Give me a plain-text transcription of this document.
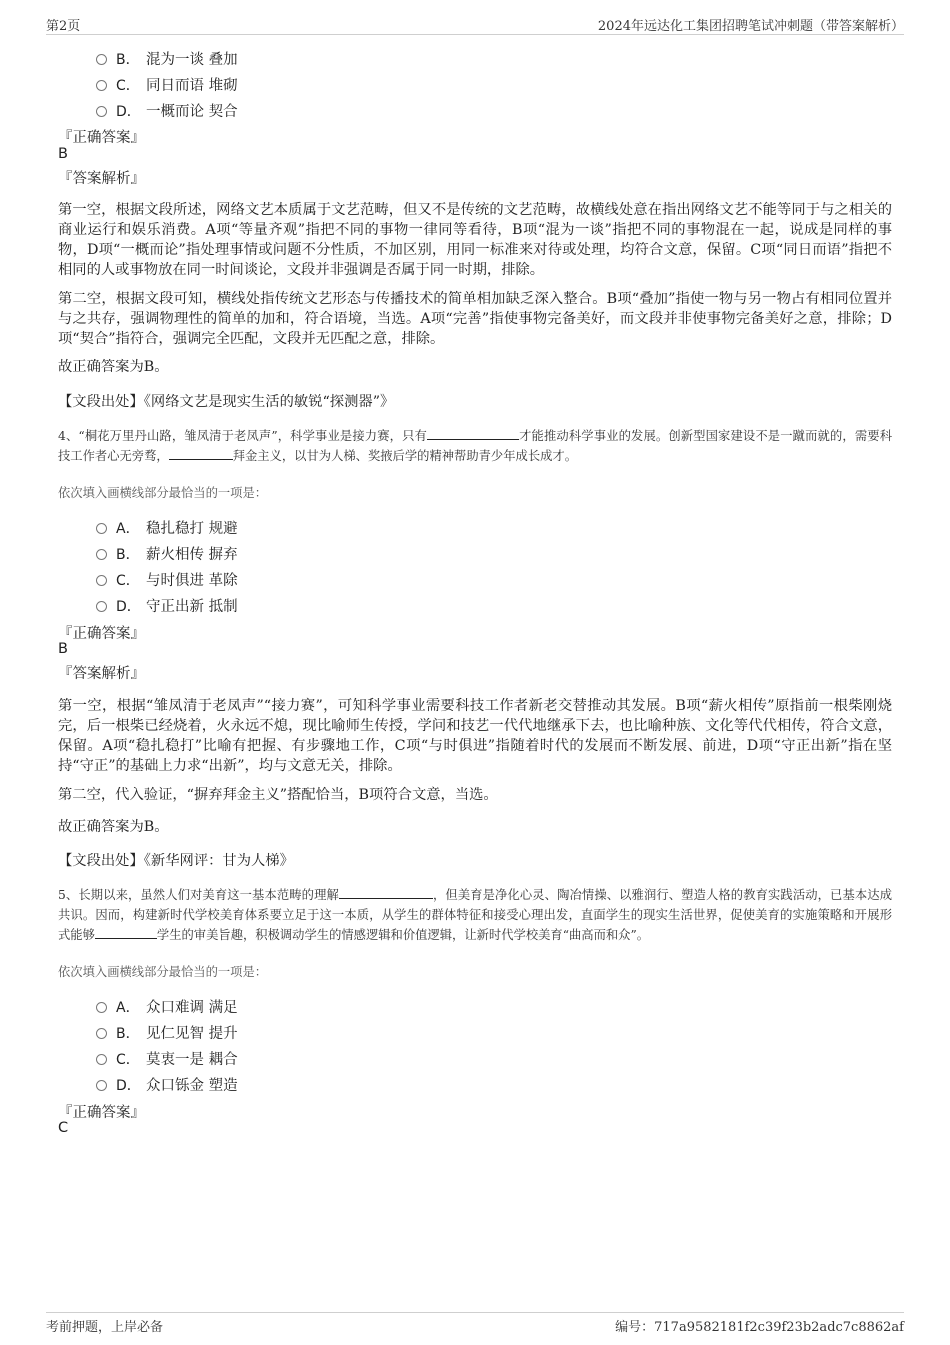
第2页	2024年远达化工集团招聘笔试冲刺题（带答案解析）
B． 混为一谈 叠加
C． 同日而语 堆砌
D． 一概而论 契合
『正确答案』
B
『答案解析』
第一空，根据文段所述，网络文艺本质属于文艺范畴，但又不是传统的文艺范畴，故横线处意在指出网络文艺不能等同于与之相关的商业运行和娱乐消费。A项“等量齐观”指把不同的事物一律同等看待，B项“混为一谈”指把不同的事物混在一起，说成是同样的事物，D项“一概而论”指处理事情或问题不分性质，不加区别，用同一标准来对待或处理，均符合文意，保留。C项“同日而语”指把不相同的人或事物放在同一时间谈论，文段并非强调是否属于同一时期，排除。
第二空，根据文段可知，横线处指传统文艺形态与传播技术的简单相加缺乏深入整合。B项“叠加”指使一物与另一物占有相同位置并与之共存，强调物理性的简单的加和，符合语境，当选。A项“完善”指使事物完备美好，而文段并非使事物完备美好之意，排除；D项“契合”指符合，强调完全匹配，文段并无匹配之意，排除。
故正确答案为B。
【文段出处】《网络文艺是现实生活的敏锐“探测器”》
4、“桐花万里丹山路，雏凤清于老凤声”，科学事业是接力赛，只有	才能推动科学事业的发展。创新型国家建设不是一蹴而就的，需要科技工作者心无旁骛，	拜金主义，以甘为人梯、奖掖后学的精神帮助青少年成长成才。
依次填入画横线部分最恰当的一项是：
A． 稳扎稳打 规避
B． 薪火相传 摒弃
C． 与时俱进 革除
D． 守正出新 抵制
『正确答案』
B
『答案解析』
第一空，根据“雏凤清于老凤声”“接力赛”，可知科学事业需要科技工作者新老交替推动其发展。B项“薪火相传”原指前一根柴刚烧完，后一根柴已经烧着，火永远不熄，现比喻师生传授，学问和技艺一代代地继承下去，也比喻种族、文化等代代相传，符合文意，保留。A项“稳扎稳打”比喻有把握、有步骤地工作，C项“与时俱进”指随着时代的发展而不断发展、前进，D项“守正出新”指在坚持“守正”的基础上力求“出新”，均与文意无关，排除。
第二空，代入验证，“摒弃拜金主义”搭配恰当，B项符合文意，当选。
故正确答案为B。
【文段出处】《新华网评：甘为人梯》
5、长期以来，虽然人们对美育这一基本范畴的理解	，但美育是净化心灵、陶冶情操、以雅润行、塑造人格的教育实践活动，已基本达成共识。因而，构建新时代学校美育体系要立足于这一本质，从学生的群体特征和接受心理出发，直面学生的现实生活世界，促使美育的实施策略和开展形式能够	学生的审美旨趣，积极调动学生的情感逻辑和价值逻辑，让新时代学校美育“曲高而和众”。
依次填入画横线部分最恰当的一项是：
A． 众口难调 满足
B． 见仁见智 提升
C． 莫衷一是 耦合
D． 众口铄金 塑造
『正确答案』
C
考前押题，上岸必备	编号：717a9582181f2c39f23b2adc7c8862af
